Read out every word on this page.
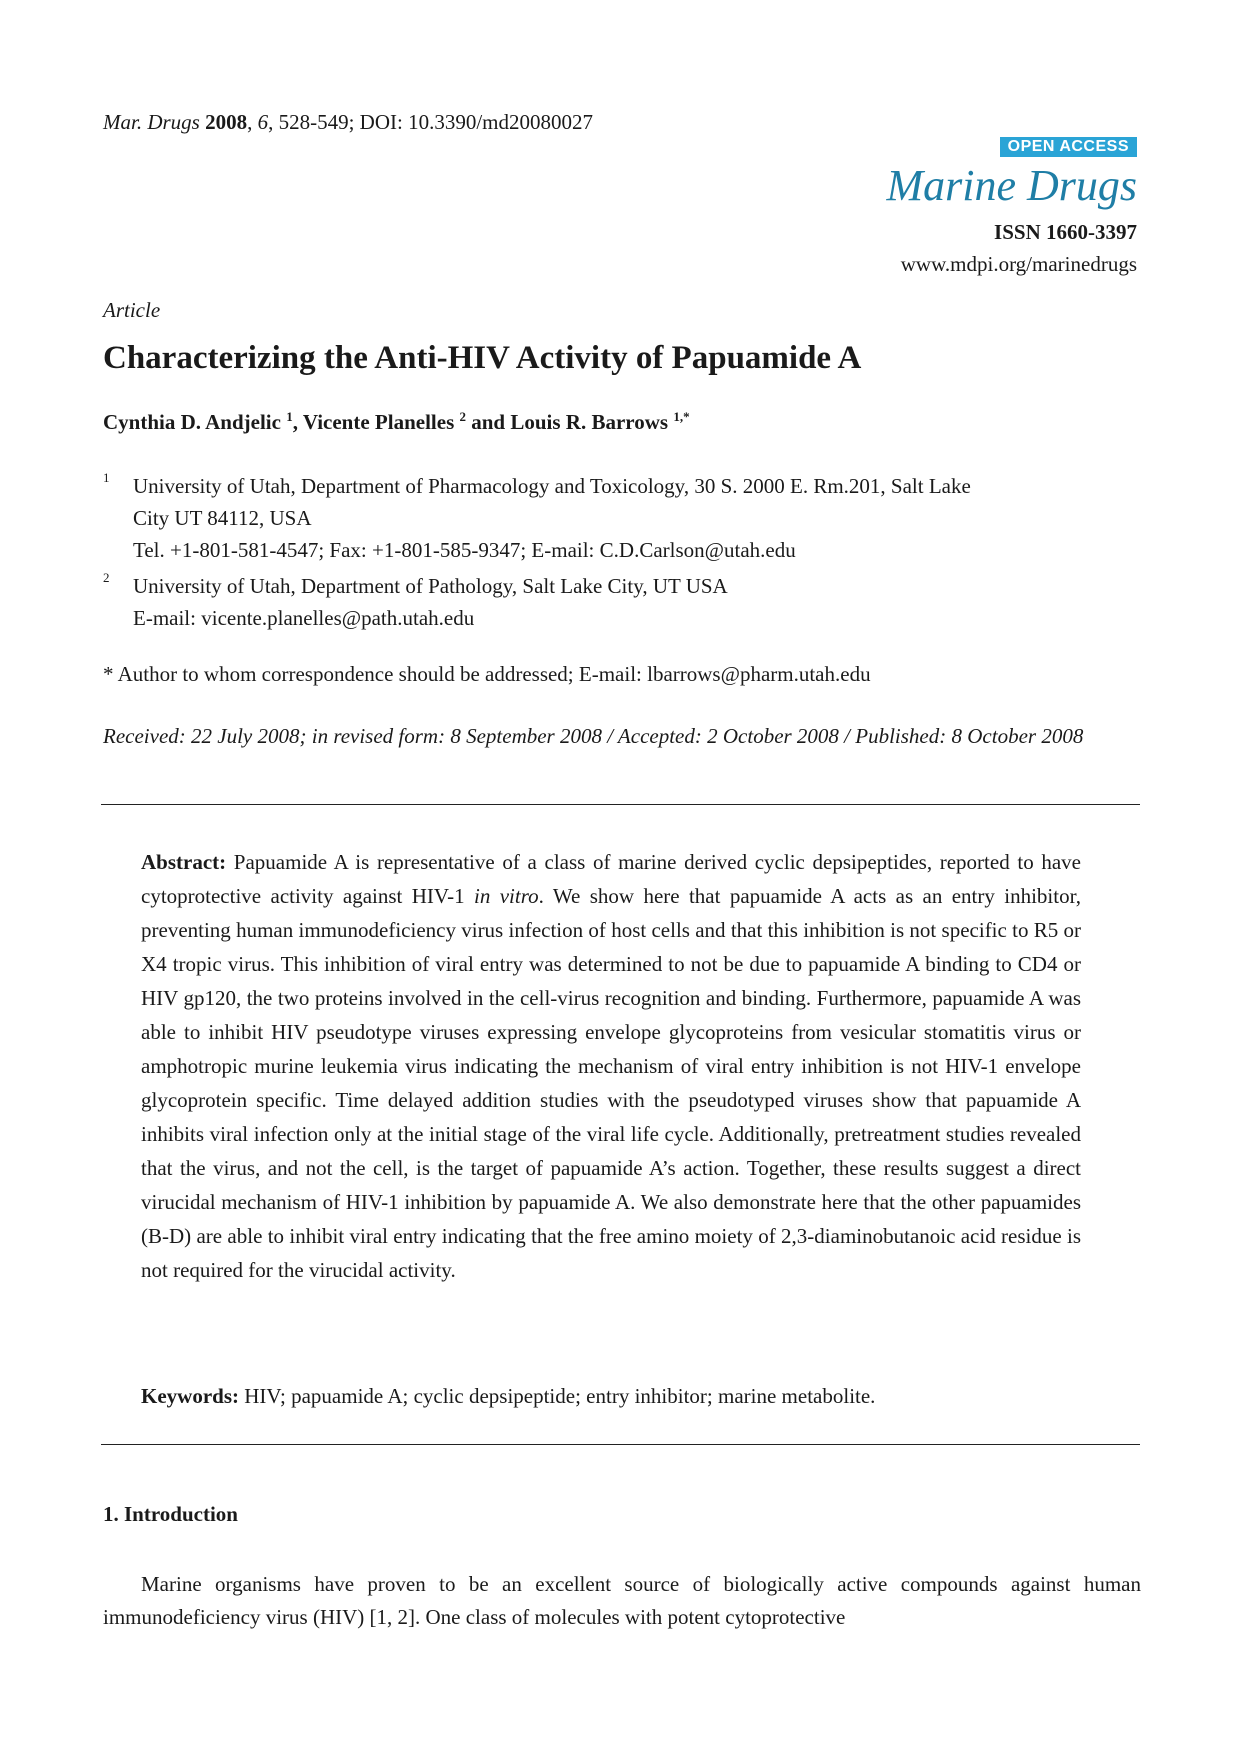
Mar. Drugs 2008, 6, 528-549; DOI: 10.3390/md20080027
OPEN ACCESS
Marine Drugs
ISSN 1660-3397
www.mdpi.org/marinedrugs
Article
Characterizing the Anti-HIV Activity of Papuamide A
Cynthia D. Andjelic $^1$, Vicente Planelles $^2$ and Louis R. Barrows $^{1,*}$
1 University of Utah, Department of Pharmacology and Toxicology, 30 S. 2000 E. Rm.201, Salt Lake
City UT 84112, USA
Tel. +1-801-581-4547; Fax: +1-801-585-9347; E-mail: C.D.Carlson@utah.edu
2 University of Utah, Department of Pathology, Salt Lake City, UT USA
E-mail: vicente.planelles@path.utah.edu
* Author to whom correspondence should be addressed; E-mail: lbarrows@pharm.utah.edu
Received: 22 July 2008; in revised form: 8 September 2008 / Accepted: 2 October 2008 / Published: 8 October 2008
Abstract: Papuamide A is representative of a class of marine derived cyclic depsipeptides, reported to have cytoprotective activity against HIV-1 in vitro. We show here that papuamide A acts as an entry inhibitor, preventing human immunodeficiency virus infection of host cells and that this inhibition is not specific to R5 or X4 tropic virus. This inhibition of viral entry was determined to not be due to papuamide A binding to CD4 or HIV gp120, the two proteins involved in the cell-virus recognition and binding. Furthermore, papuamide A was able to inhibit HIV pseudotype viruses expressing envelope glycoproteins from vesicular stomatitis virus or amphotropic murine leukemia virus indicating the mechanism of viral entry inhibition is not HIV-1 envelope glycoprotein specific. Time delayed addition studies with the pseudotyped viruses show that papuamide A inhibits viral infection only at the initial stage of the viral life cycle. Additionally, pretreatment studies revealed that the virus, and not the cell, is the target of papuamide A’s action. Together, these results suggest a direct virucidal mechanism of HIV-1 inhibition by papuamide A. We also demonstrate here that the other papuamides (B-D) are able to inhibit viral entry indicating that the free amino moiety of 2,3-diaminobutanoic acid residue is not required for the virucidal activity.
Keywords: HIV; papuamide A; cyclic depsipeptide; entry inhibitor; marine metabolite.
1. Introduction
Marine organisms have proven to be an excellent source of biologically active compounds against human immunodeficiency virus (HIV) [1, 2]. One class of molecules with potent cytoprotective
